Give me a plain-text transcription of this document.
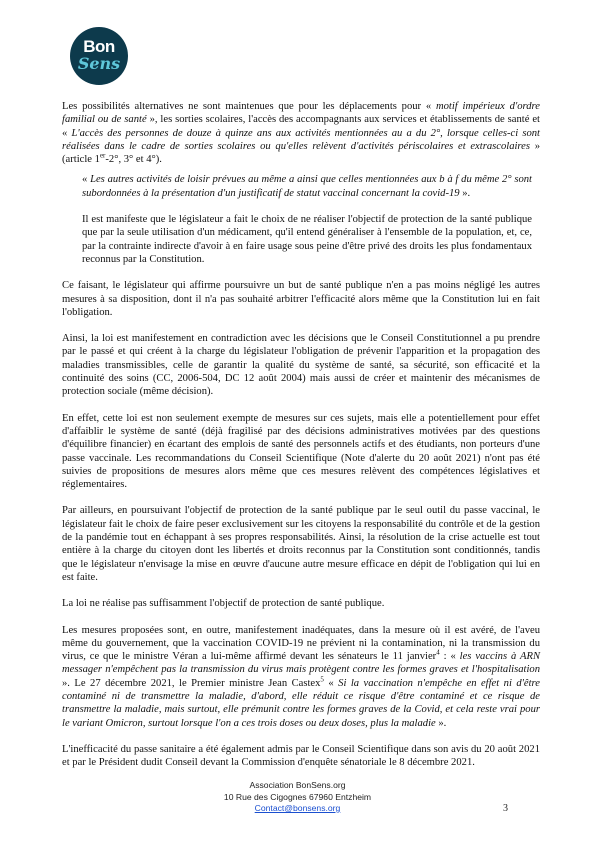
Bon
Sens

Les possibilités alternatives ne sont maintenues que pour les déplacements pour « motif impérieux d'ordre familial ou de santé », les sorties scolaires, l'accès des accompagnants aux services et établissements de santé et « L'accès des personnes de douze à quinze ans aux activités mentionnées au a du 2°, lorsque celles-ci sont réalisées dans le cadre de sorties scolaires ou qu'elles relèvent d'activités périscolaires et extrascolaires » (article 1er-2°, 3° et 4°).

« Les autres activités de loisir prévues au même a ainsi que celles mentionnées aux b à f du même 2° sont subordonnées à la présentation d'un justificatif de statut vaccinal concernant la covid-19 ».

Il est manifeste que le législateur a fait le choix de ne réaliser l'objectif de protection de la santé publique que par la seule utilisation d'un médicament, qu'il entend généraliser à l'ensemble de la population, et, ce, par la contrainte indirecte d'avoir à en faire usage sous peine d'être privé des droits les plus fondamentaux reconnus par la Constitution.

Ce faisant, le législateur qui affirme poursuivre un but de santé publique n'en a pas moins négligé les autres mesures à sa disposition, dont il n'a pas souhaité arbitrer l'efficacité alors même que la Constitution lui en fait l'obligation.

Ainsi, la loi est manifestement en contradiction avec les décisions que le Conseil Constitutionnel a pu prendre par le passé et qui créent à la charge du législateur l'obligation de prévenir l'apparition et la propagation des maladies transmissibles, celle de garantir la qualité du système de santé, sa sécurité, son efficacité et la continuité des soins (CC, 2006-504, DC 12 août 2004) mais aussi de créer et maintenir des mécanismes de protection sociale (même décision).

En effet, cette loi est non seulement exempte de mesures sur ces sujets, mais elle a potentiellement pour effet d'affaiblir le système de santé (déjà fragilisé par des décisions administratives motivées par des questions d'équilibre financier) en écartant des emplois de santé des personnels actifs et des étudiants, non porteurs d'une passe vaccinale. Les recommandations du Conseil Scientifique (Note d'alerte du 20 août 2021) n'ont pas été suivies de propositions de mesures alors même que ces mesures relèvent des compétences législatives et réglementaires.

Par ailleurs, en poursuivant l'objectif de protection de la santé publique par le seul outil du passe vaccinal, le législateur fait le choix de faire peser exclusivement sur les citoyens la responsabilité du contrôle et de la gestion de la pandémie tout en échappant à ses propres responsabilités. Ainsi, la résolution de la crise actuelle est tout entière à la charge du citoyen dont les libertés et droits reconnus par la Constitution sont conditionnés, tandis que le législateur n'envisage la mise en œuvre d'aucune autre mesure efficace en dépit de l'obligation qui lui en est faite.

La loi ne réalise pas suffisamment l'objectif de protection de santé publique.

Les mesures proposées sont, en outre, manifestement inadéquates, dans la mesure où il est avéré, de l'aveu même du gouvernement, que la vaccination COVID-19 ne prévient ni la contamination, ni la transmission du virus, ce que le ministre Véran a lui-même affirmé devant les sénateurs le 11 janvier$^4$ : « les vaccins à ARN messager n'empêchent pas la transmission du virus mais protègent contre les formes graves et l'hospitalisation ». Le 27 décembre 2021, le Premier ministre Jean Castex$^5$ « Si la vaccination n'empêche en effet ni d'être contaminé ni de transmettre la maladie, d'abord, elle réduit ce risque d'être contaminé et ce risque de transmettre la maladie, mais surtout, elle prémunit contre les formes graves de la Covid, et cela reste vrai pour le variant Omicron, surtout lorsque l'on a ces trois doses ou deux doses, plus la maladie ».

L'inefficacité du passe sanitaire a été également admis par le Conseil Scientifique dans son avis du 20 août 2021 et par le Président dudit Conseil devant la Commission d'enquête sénatoriale le 8 décembre 2021.

Association BonSens.org
10 Rue des Cigognes 67960 Entzheim
Contact@bonsens.org	3
